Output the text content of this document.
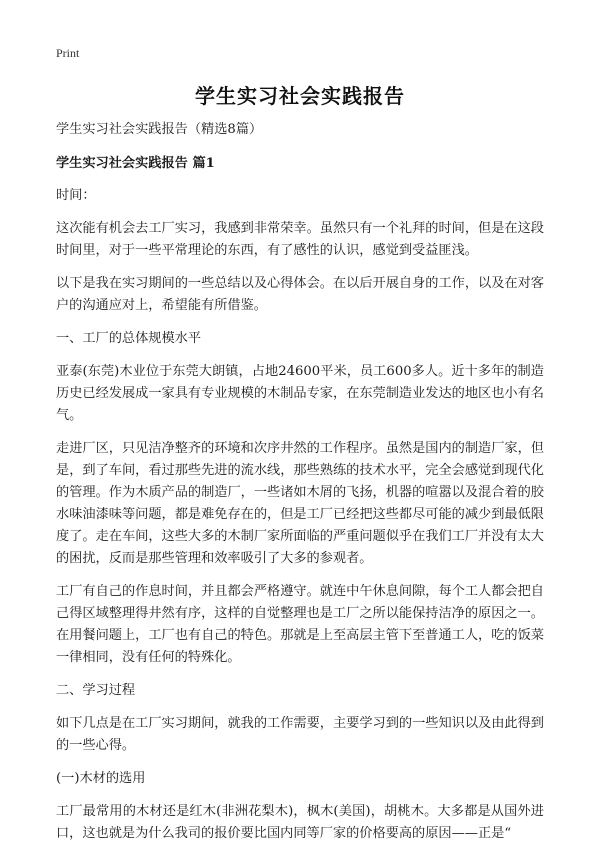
Print
学生实习社会实践报告

学生实习社会实践报告（精选8篇）

学生实习社会实践报告 篇1

时间：

这次能有机会去工厂实习，我感到非常荣幸。虽然只有一个礼拜的时间，但是在这段时间里，对于一些平常理论的东西，有了感性的认识，感觉到受益匪浅。

以下是我在实习期间的一些总结以及心得体会。在以后开展自身的工作，以及在对客户的沟通应对上，希望能有所借鉴。

一、工厂的总体规模水平

亚泰(东莞)木业位于东莞大朗镇，占地24600平米，员工600多人。近十多年的制造历史已经发展成一家具有专业规模的木制品专家，在东莞制造业发达的地区也小有名气。

走进厂区，只见洁净整齐的环境和次序井然的工作程序。虽然是国内的制造厂家，但是，到了车间，看过那些先进的流水线，那些熟练的技术水平，完全会感觉到现代化的管理。作为木质产品的制造厂，一些诸如木屑的飞扬，机器的喧嚣以及混合着的胶水味油漆味等问题，都是难免存在的，但是工厂已经把这些都尽可能的减少到最低限度了。走在车间，这些大多的木制厂家所面临的严重问题似乎在我们工厂并没有太大的困扰，反而是那些管理和效率吸引了大多的参观者。

工厂有自己的作息时间，并且都会严格遵守。就连中午休息间隙，每个工人都会把自己得区域整理得井然有序，这样的自觉整理也是工厂之所以能保持洁净的原因之一。在用餐问题上，工厂也有自己的特色。那就是上至高层主管下至普通工人，吃的饭菜一律相同，没有任何的特殊化。

二、学习过程

如下几点是在工厂实习期间，就我的工作需要，主要学习到的一些知识以及由此得到的一些心得。

(一)木材的选用

工厂最常用的木材还是红木(非洲花梨木)，枫木(美国)，胡桃木。大多都是从国外进口，这也就是为什么我司的报价要比国内同等厂家的价格要高的原因——正是“
